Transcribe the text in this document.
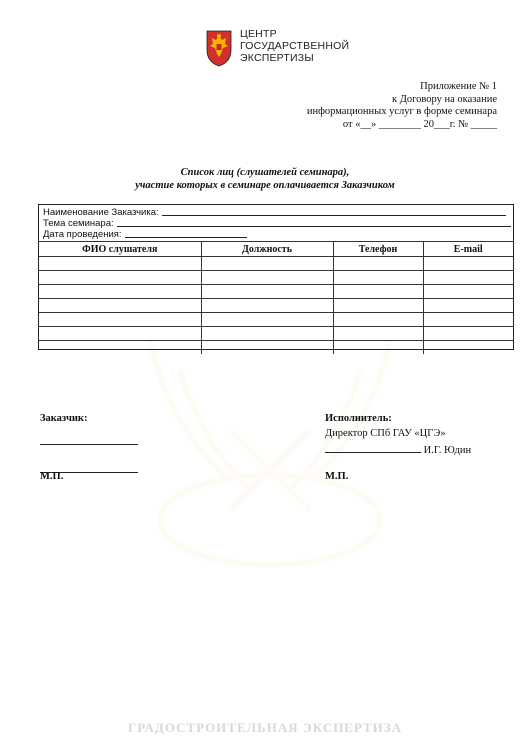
ГРАДОСТРОИТЕЛЬНАЯ ЭКСПЕРТИЗА
ЦЕНТР
ГОСУДАРСТВЕННОЙ
ЭКСПЕРТИЗЫ
Приложение № 1
к Договору на оказание
информационных услуг в форме семинара
от «__» ________ 20___г. № _____
Список лиц (слушателей семинара),
участие которых в семинаре оплачивается Заказчиком
Наименование Заказчика:
Тема семинара:
Дата проведения:
ФИО слушателя	Должность	Телефон	E-mail

Заказчик:
М.П.
Исполнитель:
Директор СПб ГАУ «ЦГЭ»
И.Г. Юдин
М.П.
